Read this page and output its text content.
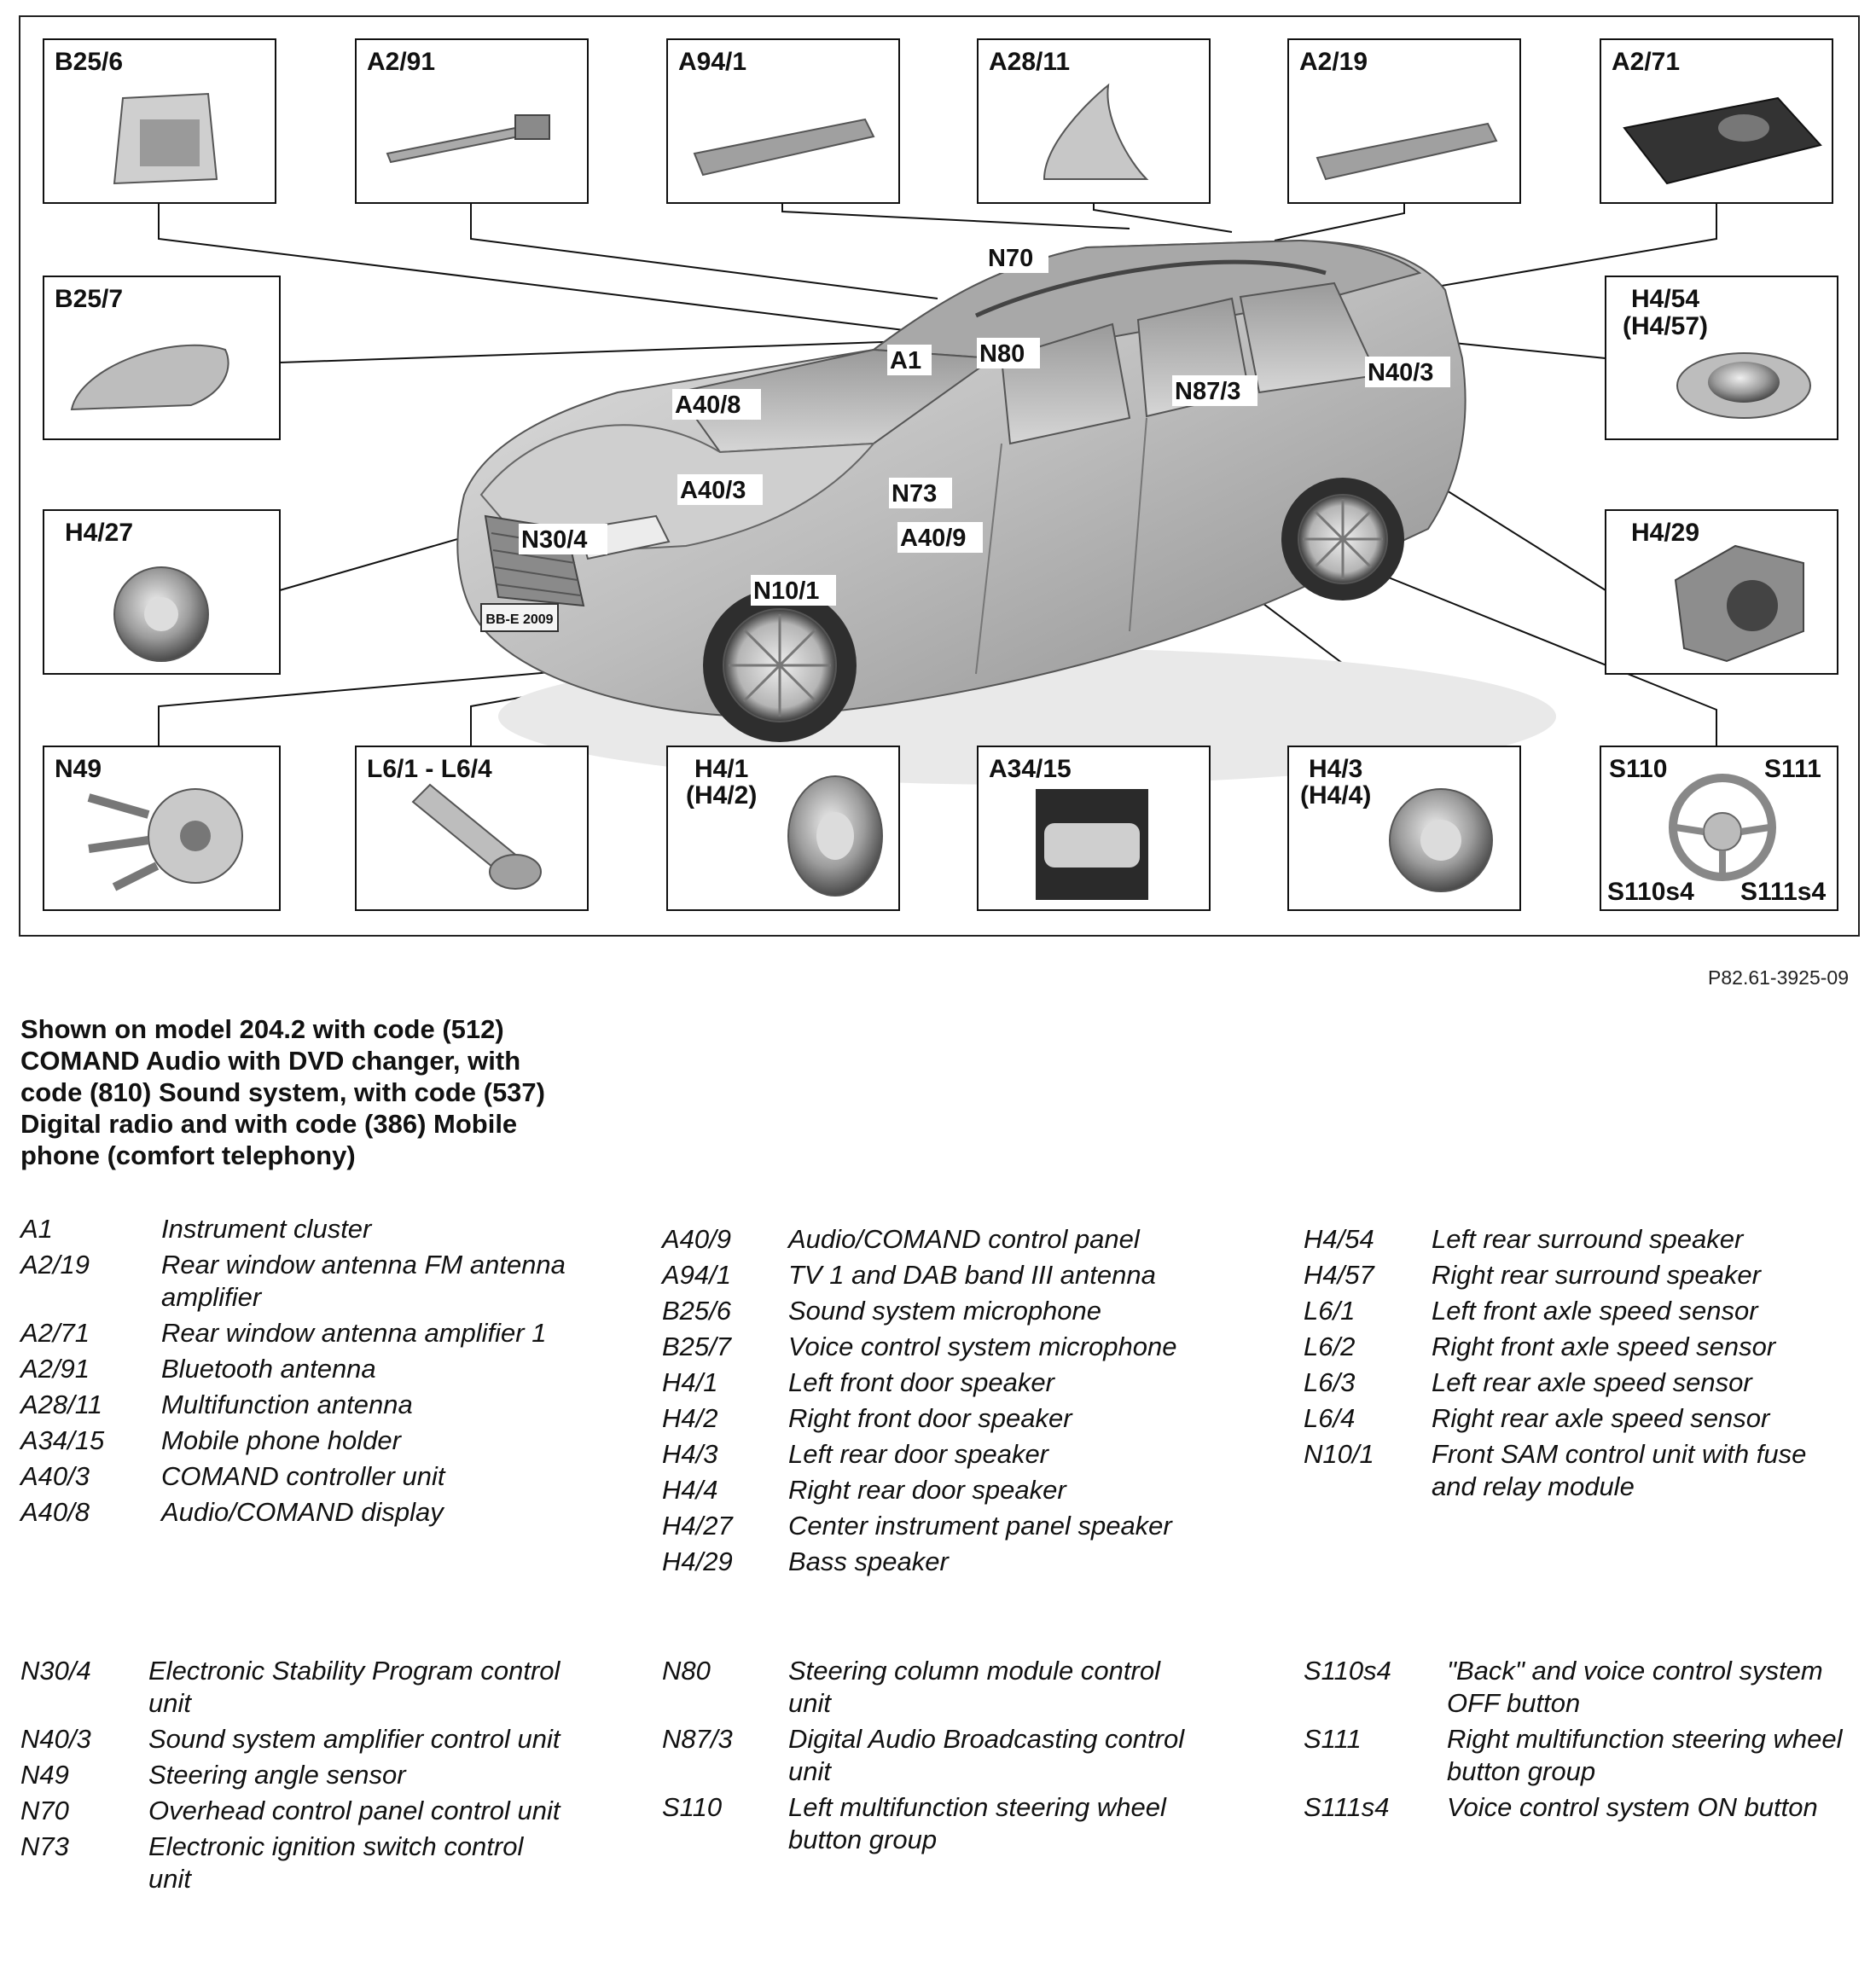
BB-E 2009
N70
N80
A1
A40/8	N87/3
N40/3
A40/3	N73
N30/4	A40/9
N10/1
B25/6	A2/91	A94/1	A28/11	A2/19	A2/71
B25/7	H4/54
(H4/57)
H4/27	H4/29
N49	L6/1 - L6/4	H4/1
(H4/2)
A34/15	H4/3
(H4/4)
S110	S111
S110s4 S111s4
P82.61-3925-09

Shown on model 204.2 with code (512) COMAND Audio with DVD changer, with code (810) Sound system, with code (537) Digital radio and with code (386) Mobile phone (comfort telephony)

A1	Instrument cluster
A2/19	Rear window antenna FM antenna amplifier
A2/71	Rear window antenna amplifier 1
A2/91	Bluetooth antenna
A28/11	Multifunction antenna
A34/15	Mobile phone holder
A40/3	COMAND controller unit
A40/8	Audio/COMAND display
A40/9	Audio/COMAND control panel
A94/1	TV 1 and DAB band III antenna
B25/6	Sound system microphone
B25/7	Voice control system microphone
H4/1	Left front door speaker
H4/2	Right front door speaker
H4/3	Left rear door speaker
H4/4	Right rear door speaker
H4/27	Center instrument panel speaker
H4/29	Bass speaker
H4/54	Left rear surround speaker
H4/57	Right rear surround speaker
L6/1	Left front axle speed sensor
L6/2	Right front axle speed sensor
L6/3	Left rear axle speed sensor
L6/4	Right rear axle speed sensor
N10/1	Front SAM control unit with fuse and relay module
N30/4	Electronic Stability Program control unit
N40/3	Sound system amplifier control unit
N49	Steering angle sensor
N70	Overhead control panel control unit
N73	Electronic ignition switch control unit
N80	Steering column module control unit
N87/3	Digital Audio Broadcasting control unit
S110	Left multifunction steering wheel button group
S110s4	"Back" and voice control system OFF button
S111	Right multifunction steering wheel button group
S111s4	Voice control system ON button
